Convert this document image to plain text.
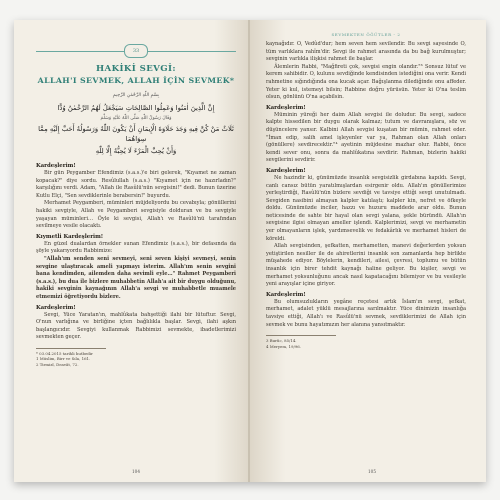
33

HAKİKİ SEVGİ:

ALLAH'I SEVMEK, ALLAH İÇİN SEVMEK*

بِسْمِ اللّٰهِ الرَّحْمٰنِ الرَّحِيمِ

إِنَّ الَّذِينَ اٰمَنُوا وَعَمِلُوا الصَّالِحَاتِ سَيَجْعَلُ لَهُمُ الرَّحْمٰنُ وُدًّا

وَقَالَ رَسُولُ اللّٰهِ صَلَّى اللّٰهُ عَلَيْهِ وَسَلَّمَ

ثَلَاثٌ مَنْ كُنَّ فِيهِ وَجَدَ حَلَاوَةَ الْإِيمَانِ أَنْ يَكُونَ اللّٰهُ وَرَسُولُهُ أَحَبَّ إِلَيْهِ مِمَّا سِوَاهُمَا

وَأَنْ يُحِبَّ الْمَرْءَ لَا يُحِبُّهُ إِلَّا لِلّٰهِ

Kardeşlerim!

Bir gün Peygamber Efendimiz (s.a.s.)'e biri gelerek, "Kıyamet ne zaman kopacak?" diye sordu. Resûlullah (s.a.s.) "Kıyamet için ne hazırladın?" karşılığını verdi. Adam, "Allah ile Rasûlü'nün sevgisini!" dedi. Bunun üzerine Kutlu Elçi, "Sen sevdiklerinle berabersin!" buyurdu.

Merhamet Peygamberi, müminleri müjdeliyordu bu cevabıyla; gönüllerini hakiki sevgiyle, Allah ve Peygamberi sevgisiyle dolduran ve bu sevgiyle yaşayan müminleri… Öyle ki sevgisi, Allah'ı ve Rasûlü'nü tarafından sevilmeye vesile olacaktı.

Kıymetli Kardeşlerim!

En güzel dualardan örnekler sunan Efendimiz (s.a.s.), bir defasında da şöyle yakarıyordu Rabbimize:

"Allah'ım senden seni sevmeyi, seni seven kişiyi sevmeyi, senin sevgine ulaştıracak ameli yapmayı isterim. Allah'ım senin sevgini bana kendimden, ailemden daha sevimli eyle…" Rahmet Peygamberi (s.a.s.), bu dua ile bizlere muhabbetin Allah'a ait bir duygu olduğunu, hakiki sevginin kaynağının Allah'a sevgi ve muhabbetle muamele etmemizi öğretiyordu bizlere.

Kardeşlerim!

Sevgi, Yüce Yaratan'ın, mahlûkata bahşettiği ilahi bir lütuftur. Sevgi, O'nun varlığına ve birliğine içten bağlılıkla başlar. Sevgi, ilahi aşkın başlangıcıdır. Sevgiyi kullanmak Rabbimizi sevmekte, ibadetlerimizi sevmekten geçer.

* 03.04.2015 tarihli hutbedir

1 Müslim, Birr ve Sıla, 161.

2 Tirmizî, Deavât, 72.

104

SEVMEKTEN ÖĞÜTLER - 2

kaynağıdır. O, Vedûd'dur; hem seven hem sevilendir. Bu sevgi sayesinde O, tüm varlıklara rahîm'dir. Sevgi ile rahmet arasında da bu bağ kurulmuştur; sevginin varlıkla ilişkisi rahmet ile başlar.

Âlemlerin Rabbi, "Mağfireti çok, sevgisi engin olandır."³ Sonsuz lütuf ve kerem sahibidir. O, kulunu sevdiğinde kendisinden istediğini ona verir. Kendi rahmetine sığındığında ona kucak açar. Bağışlanma dilediğinde onu affeder. Yeter ki kul, istemeyi bilsin; Rabbine doğru yürüsün. Yeter ki O'na teslim olsun, gönlünü O'na açabilsin.

Kardeşlerim!

Müminin yüreği her daim Allah sevgisi ile doludur. Bu sevgi, sadece kalpte hissedilen bir duygu olarak kalmaz; tutum ve davranışlara, söz ve düşüncelere yansır. Kalbini Allah sevgisi kuşatan bir mümin, rahmet eder. "İman edip, salih amel işleyenler var ya, Rahman olan Allah onları (gönüllere) sevdirecektir."⁴ ayetinin müjdesine mazhar olur. Rabbi, önce kendi sever onu, sonra da mahlûkatına sevdirir. Rahman, bizlerin hakiki sevgilerini sevdirir.

Kardeşlerim!

Ne hazindir ki, günümüzde insanlık sevgisizlik girdabına kapıldı. Sevgi, canlı cansız bütün yaratılmışlardan esirgenir oldu. Allah'ın gönüllerimize yerleştirdiği, Rasûlü'nün bizlere sevdiği ve tavsiye ettiği sevgi unutulmadı. Sevgiden nasibini almayan kalpler katılaştı; kalpler kin, nefret ve öfkeyle doldu. Günümüzde inciler, hazzı ve huzuru maddede arar oldu. Bunun neticesinde de sahte bir hayal olan sevgi yalana, şekle büründü. Allah'ın sevgisine ilgisi olmayan ameller işlendi. Kalplerimizi, sevgi ve merhametin yer olmayanların işlek, yardımsevelik ve fedakârlık ve merhamet hisleri de köreldi.

Allah sevgisinden, şefkatten, merhametten, manevi değerlerden yoksun yetiştirilen nesiller ile de ahiretlerini insanlık son zamanlarda hep birlikte müşahede ediyor. Böylelerin, kendileri, ailesi, çevresi, toplumu ve bütün insanlık için birer tehdit kaynağı haline geliyor. Bu kişiler, sevgi ve merhamet yoksunluğunu ancak nasıl kapatacağını bilemiyor ve bu vesileyle yeni arayışlar içine giriyor.

Kardeşlerim!

Bu olumsuzlukların yegâne reçetesi artık İslam'ın sevgi, şefkat, merhamet, adalet yüklü mesajlarına sarılmaktır. Yüce dinimizin insanlığa tavsiye ettiği, Allah'ı ve Rasûlü'nü sevmek, sevdiklerimizi de Allah için sevmek ve bunu hayatımızın her alanına yansıtmaktır.

3 Burûc, 85/14.

4 Meryem, 19/96.

105
